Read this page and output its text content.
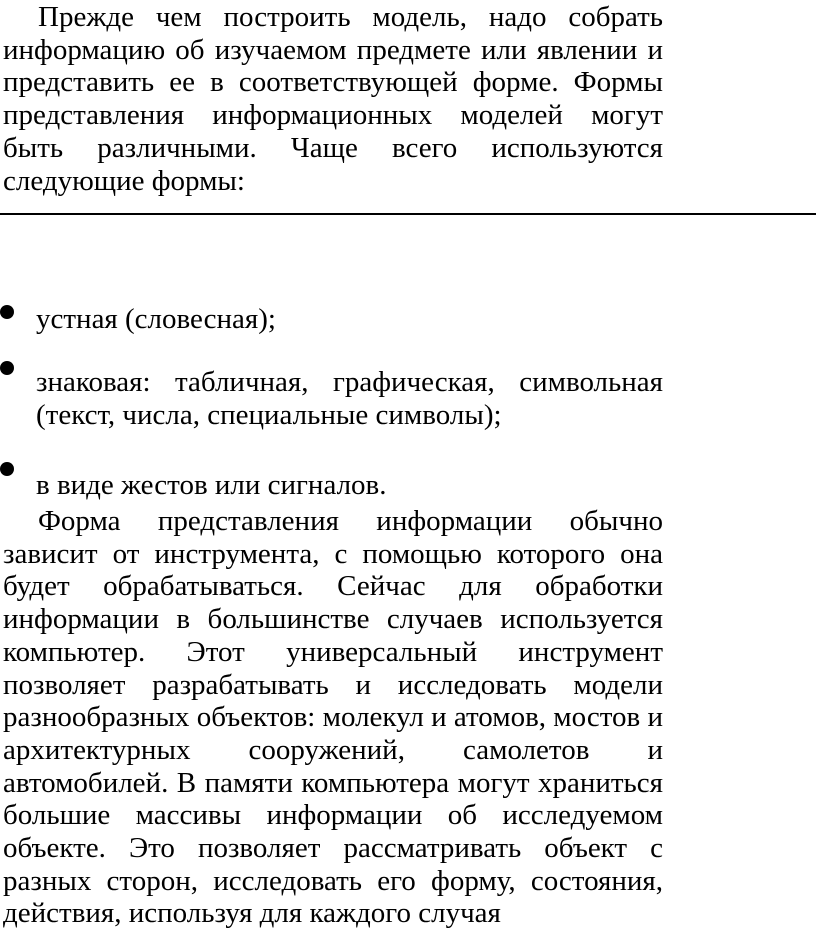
Прежде чем построить модель, надо собрать информацию об изучаемом предмете или явлении и представить ее в соответствующей форме. Формы представления информационных моделей могут быть различными. Чаще всего используются следующие формы:

устная (словесная);

знаковая: табличная, графическая, символьная (текст, числа, специальные символы);

в виде жестов или сигналов.

Форма представления информации обычно зависит от инструмента, с помощью которого она будет обрабатываться. Сейчас для обработки информации в большинстве случаев используется компьютер. Этот универсальный инструмент позволяет разрабатывать и исследовать модели разнообразных объектов: молекул и атомов, мостов и архитектурных сооружений, самолетов и автомобилей. В памяти компьютера могут храниться большие массивы информации об исследуемом объекте. Это позволяет рассматривать объект с разных сторон, исследовать его форму, состояния, действия, используя для каждого случая
